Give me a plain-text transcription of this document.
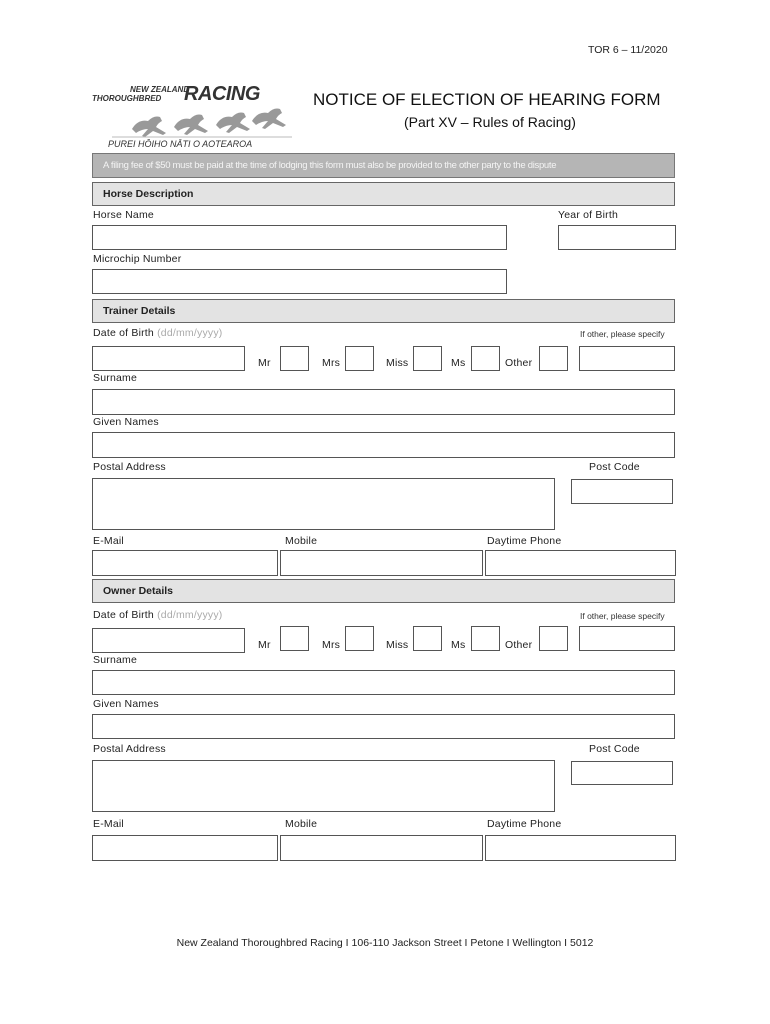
TOR 6 – 11/2020
NEW ZEALAND
THOROUGHBRED RACING
PUREI HŌIHO NĀTI O AOTEAROA
NOTICE OF ELECTION OF HEARING FORM
(Part XV – Rules of Racing)
A filing fee of $50 must be paid at the time of lodging this form must also be provided to the other party to the dispute
Horse Description
Horse Name	Year of Birth
Microchip Number
Trainer Details
Date of Birth (dd/mm/yyyy)	If other, please specify
Mr	Mrs	Miss	Ms	Other
Surname
Given Names
Postal Address	Post Code
E-Mail	Mobile	Daytime Phone
Owner Details
Date of Birth (dd/mm/yyyy)	If other, please specify
Mr	Mrs	Miss	Ms	Other
Surname
Given Names
Postal Address	Post Code
E-Mail	Mobile	Daytime Phone
New Zealand Thoroughbred Racing I 106-110 Jackson Street I Petone I Wellington I 5012
